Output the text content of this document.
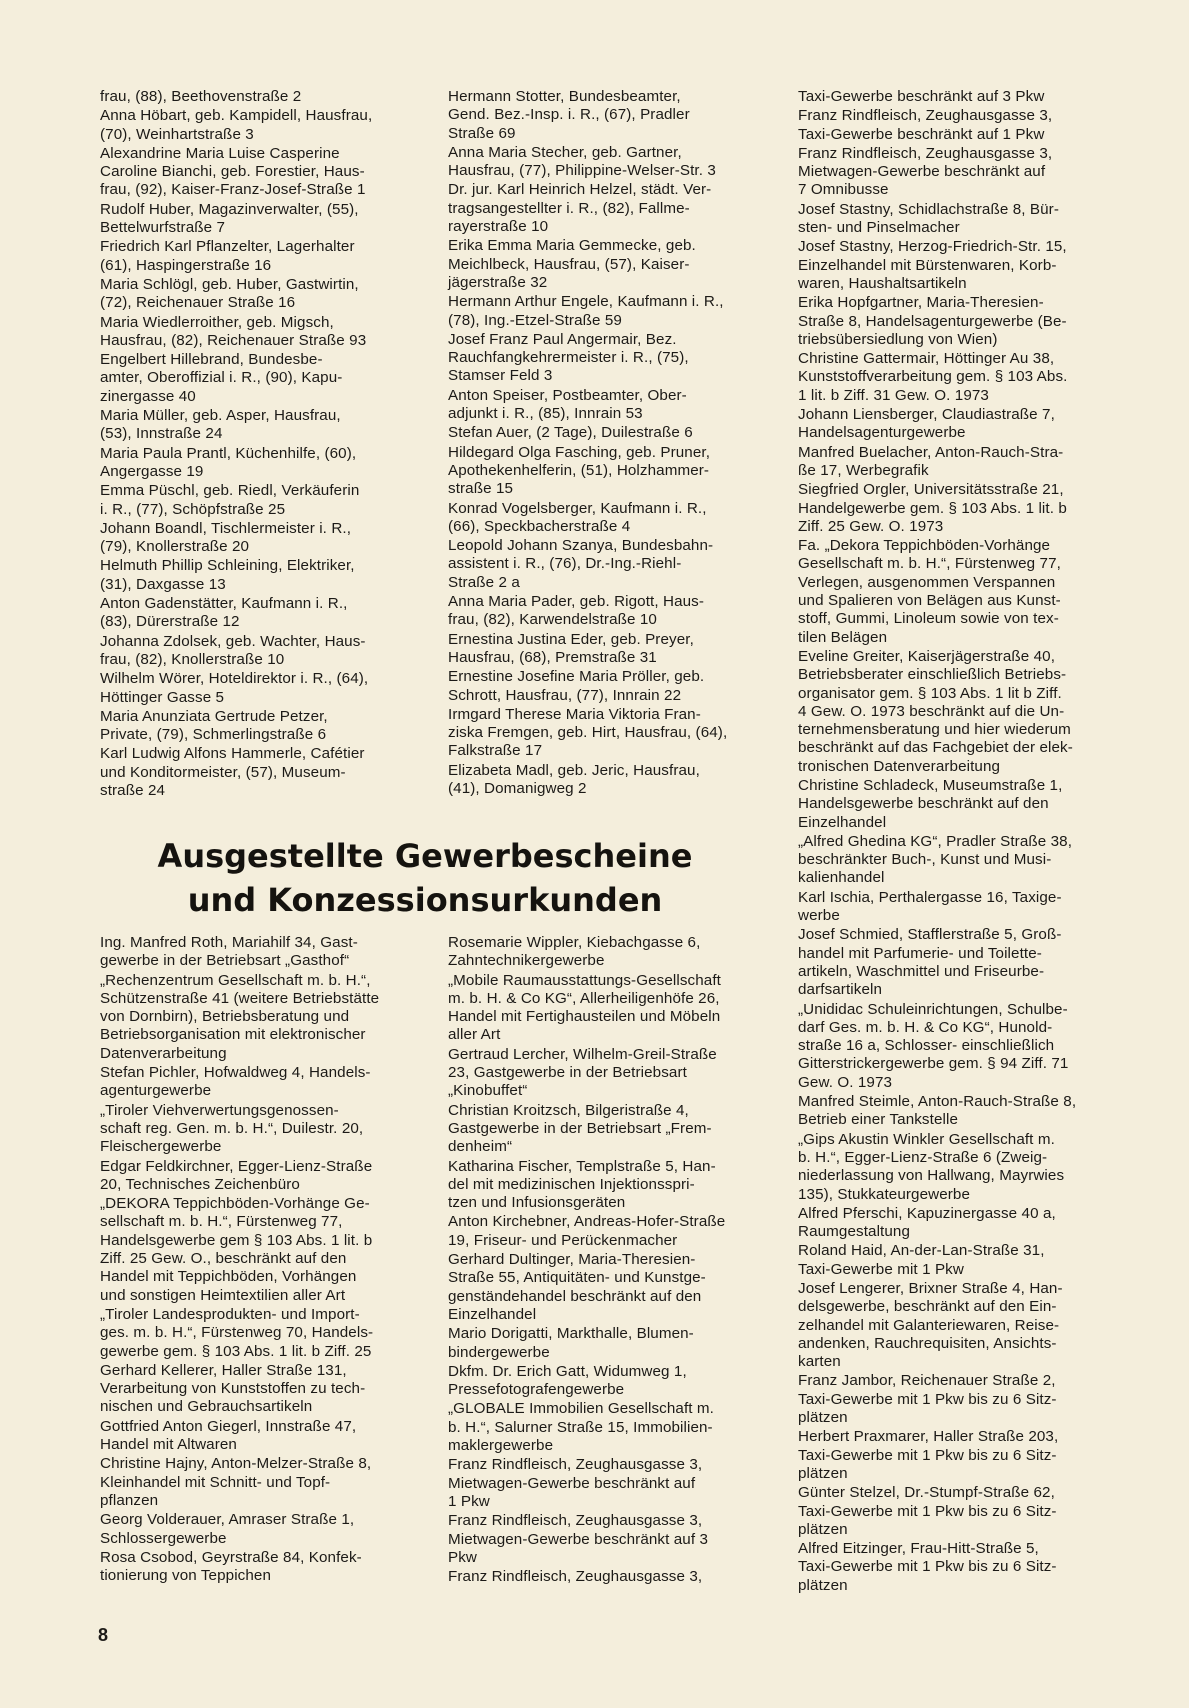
frau, (88), Beethovenstraße 2
Anna Höbart, geb. Kampidell, Hausfrau,
(70), Weinhartstraße 3
Alexandrine Maria Luise Casperine
Caroline Bianchi, geb. Forestier, Haus-
frau, (92), Kaiser-Franz-Josef-Straße 1
Rudolf Huber, Magazinverwalter, (55),
Bettelwurfstraße 7
Friedrich Karl Pflanzelter, Lagerhalter
(61), Haspingerstraße 16
Maria Schlögl, geb. Huber, Gastwirtin,
(72), Reichenauer Straße 16
Maria Wiedlerroither, geb. Migsch,
Hausfrau, (82), Reichenauer Straße 93
Engelbert Hillebrand, Bundesbe-
amter, Oberoffizial i. R., (90), Kapu-
zinergasse 40
Maria Müller, geb. Asper, Hausfrau,
(53), Innstraße 24
Maria Paula Prantl, Küchenhilfe, (60),
Angergasse 19
Emma Püschl, geb. Riedl, Verkäuferin
i. R., (77), Schöpfstraße 25
Johann Boandl, Tischlermeister i. R.,
(79), Knollerstraße 20
Helmuth Phillip Schleining, Elektriker,
(31), Daxgasse 13
Anton Gadenstätter, Kaufmann i. R.,
(83), Dürerstraße 12
Johanna Zdolsek, geb. Wachter, Haus-
frau, (82), Knollerstraße 10
Wilhelm Wörer, Hoteldirektor i. R., (64),
Höttinger Gasse 5
Maria Anunziata Gertrude Petzer,
Private, (79), Schmerlingstraße 6
Karl Ludwig Alfons Hammerle, Cafétier
und Konditormeister, (57), Museum-
straße 24
Hermann Stotter, Bundesbeamter,
Gend. Bez.-Insp. i. R., (67), Pradler
Straße 69
Anna Maria Stecher, geb. Gartner,
Hausfrau, (77), Philippine-Welser-Str. 3
Dr. jur. Karl Heinrich Helzel, städt. Ver-
tragsangestellter i. R., (82), Fallme-
rayerstraße 10
Erika Emma Maria Gemmecke, geb.
Meichlbeck, Hausfrau, (57), Kaiser-
jägerstraße 32
Hermann Arthur Engele, Kaufmann i. R.,
(78), Ing.-Etzel-Straße 59
Josef Franz Paul Angermair, Bez.
Rauchfangkehrermeister i. R., (75),
Stamser Feld 3
Anton Speiser, Postbeamter, Ober-
adjunkt i. R., (85), Innrain 53
Stefan Auer, (2 Tage), Duilestraße 6
Hildegard Olga Fasching, geb. Pruner,
Apothekenhelferin, (51), Holzhammer-
straße 15
Konrad Vogelsberger, Kaufmann i. R.,
(66), Speckbacherstraße 4
Leopold Johann Szanya, Bundesbahn-
assistent i. R., (76), Dr.-Ing.-Riehl-
Straße 2 a
Anna Maria Pader, geb. Rigott, Haus-
frau, (82), Karwendelstraße 10
Ernestina Justina Eder, geb. Preyer,
Hausfrau, (68), Premstraße 31
Ernestine Josefine Maria Pröller, geb.
Schrott, Hausfrau, (77), Innrain 22
Irmgard Therese Maria Viktoria Fran-
ziska Fremgen, geb. Hirt, Hausfrau, (64),
Falkstraße 17
Elizabeta Madl, geb. Jeric, Hausfrau,
(41), Domanigweg 2
Taxi-Gewerbe beschränkt auf 3 Pkw
Franz Rindfleisch, Zeughausgasse 3,
Taxi-Gewerbe beschränkt auf 1 Pkw
Franz Rindfleisch, Zeughausgasse 3,
Mietwagen-Gewerbe beschränkt auf
7 Omnibusse
Josef Stastny, Schidlachstraße 8, Bür-
sten- und Pinselmacher
Josef Stastny, Herzog-Friedrich-Str. 15,
Einzelhandel mit Bürstenwaren, Korb-
waren, Haushaltsartikeln
Erika Hopfgartner, Maria-Theresien-
Straße 8, Handelsagenturgewerbe (Be-
triebsübersiedlung von Wien)
Christine Gattermair, Höttinger Au 38,
Kunststoffverarbeitung gem. § 103 Abs.
1 lit. b Ziff. 31 Gew. O. 1973
Johann Liensberger, Claudiastraße 7,
Handelsagenturgewerbe
Manfred Buelacher, Anton-Rauch-Stra-
ße 17, Werbegrafik
Siegfried Orgler, Universitätsstraße 21,
Handelgewerbe gem. § 103 Abs. 1 lit. b
Ziff. 25 Gew. O. 1973
Fa. „Dekora Teppichböden-Vorhänge
Gesellschaft m. b. H.“, Fürstenweg 77,
Verlegen, ausgenommen Verspannen
und Spalieren von Belägen aus Kunst-
stoff, Gummi, Linoleum sowie von tex-
tilen Belägen
Eveline Greiter, Kaiserjägerstraße 40,
Betriebsberater einschließlich Betriebs-
organisator gem. § 103 Abs. 1 lit b Ziff.
4 Gew. O. 1973 beschränkt auf die Un-
ternehmensberatung und hier wiederum
beschränkt auf das Fachgebiet der elek-
tronischen Datenverarbeitung
Christine Schladeck, Museumstraße 1,
Handelsgewerbe beschränkt auf den
Einzelhandel
„Alfred Ghedina KG“, Pradler Straße 38,
beschränkter Buch-, Kunst und Musi-
kalienhandel
Karl Ischia, Perthalergasse 16, Taxige-
werbe
Josef Schmied, Stafflerstraße 5, Groß-
handel mit Parfumerie- und Toilette-
artikeln, Waschmittel und Friseurbe-
darfsartikeln
„Unididac Schuleinrichtungen, Schulbe-
darf Ges. m. b. H. & Co KG“, Hunold-
straße 16 a, Schlosser- einschließlich
Gitterstrickergewerbe gem. § 94 Ziff. 71
Gew. O. 1973
Manfred Steimle, Anton-Rauch-Straße 8,
Betrieb einer Tankstelle
„Gips Akustin Winkler Gesellschaft m.
b. H.“, Egger-Lienz-Straße 6 (Zweig-
niederlassung von Hallwang, Mayrwies
135), Stukkateurgewerbe
Alfred Pferschi, Kapuzinergasse 40 a,
Raumgestaltung
Roland Haid, An-der-Lan-Straße 31,
Taxi-Gewerbe mit 1 Pkw
Josef Lengerer, Brixner Straße 4, Han-
delsgewerbe, beschränkt auf den Ein-
zelhandel mit Galanteriewaren, Reise-
andenken, Rauchrequisiten, Ansichts-
karten
Franz Jambor, Reichenauer Straße 2,
Taxi-Gewerbe mit 1 Pkw bis zu 6 Sitz-
plätzen
Herbert Praxmarer, Haller Straße 203,
Taxi-Gewerbe mit 1 Pkw bis zu 6 Sitz-
plätzen
Günter Stelzel, Dr.-Stumpf-Straße 62,
Taxi-Gewerbe mit 1 Pkw bis zu 6 Sitz-
plätzen
Alfred Eitzinger, Frau-Hitt-Straße 5,
Taxi-Gewerbe mit 1 Pkw bis zu 6 Sitz-
plätzen
Ausgestellte Gewerbescheine
und Konzessionsurkunden
Ing. Manfred Roth, Mariahilf 34, Gast-
gewerbe in der Betriebsart „Gasthof“
„Rechenzentrum Gesellschaft m. b. H.“,
Schützenstraße 41 (weitere Betriebstätte
von Dornbirn), Betriebsberatung und
Betriebsorganisation mit elektronischer
Datenverarbeitung
Stefan Pichler, Hofwaldweg 4, Handels-
agenturgewerbe
„Tiroler Viehverwertungsgenossen-
schaft reg. Gen. m. b. H.“, Duilestr. 20,
Fleischergewerbe
Edgar Feldkirchner, Egger-Lienz-Straße
20, Technisches Zeichenbüro
„DEKORA Teppichböden-Vorhänge Ge-
sellschaft m. b. H.“, Fürstenweg 77,
Handelsgewerbe gem § 103 Abs. 1 lit. b
Ziff. 25 Gew. O., beschränkt auf den
Handel mit Teppichböden, Vorhängen
und sonstigen Heimtextilien aller Art
„Tiroler Landesprodukten- und Import-
ges. m. b. H.“, Fürstenweg 70, Handels-
gewerbe gem. § 103 Abs. 1 lit. b Ziff. 25
Gerhard Kellerer, Haller Straße 131,
Verarbeitung von Kunststoffen zu tech-
nischen und Gebrauchsartikeln
Gottfried Anton Giegerl, Innstraße 47,
Handel mit Altwaren
Christine Hajny, Anton-Melzer-Straße 8,
Kleinhandel mit Schnitt- und Topf-
pflanzen
Georg Volderauer, Amraser Straße 1,
Schlossergewerbe
Rosa Csobod, Geyrstraße 84, Konfek-
tionierung von Teppichen
Rosemarie Wippler, Kiebachgasse 6,
Zahntechnikergewerbe
„Mobile Raumausstattungs-Gesellschaft
m. b. H. & Co KG“, Allerheiligenhöfe 26,
Handel mit Fertighausteilen und Möbeln
aller Art
Gertraud Lercher, Wilhelm-Greil-Straße
23, Gastgewerbe in der Betriebsart
„Kinobuffet“
Christian Kroitzsch, Bilgeristraße 4,
Gastgewerbe in der Betriebsart „Frem-
denheim“
Katharina Fischer, Templstraße 5, Han-
del mit medizinischen Injektionsspri-
tzen und Infusionsgeräten
Anton Kirchebner, Andreas-Hofer-Straße
19, Friseur- und Perückenmacher
Gerhard Dultinger, Maria-Theresien-
Straße 55, Antiquitäten- und Kunstge-
genständehandel beschränkt auf den
Einzelhandel
Mario Dorigatti, Markthalle, Blumen-
bindergewerbe
Dkfm. Dr. Erich Gatt, Widumweg 1,
Pressefotografengewerbe
„GLOBALE Immobilien Gesellschaft m.
b. H.“, Salurner Straße 15, Immobilien-
maklergewerbe
Franz Rindfleisch, Zeughausgasse 3,
Mietwagen-Gewerbe beschränkt auf
1 Pkw
Franz Rindfleisch, Zeughausgasse 3,
Mietwagen-Gewerbe beschränkt auf 3
Pkw
Franz Rindfleisch, Zeughausgasse 3,
8
